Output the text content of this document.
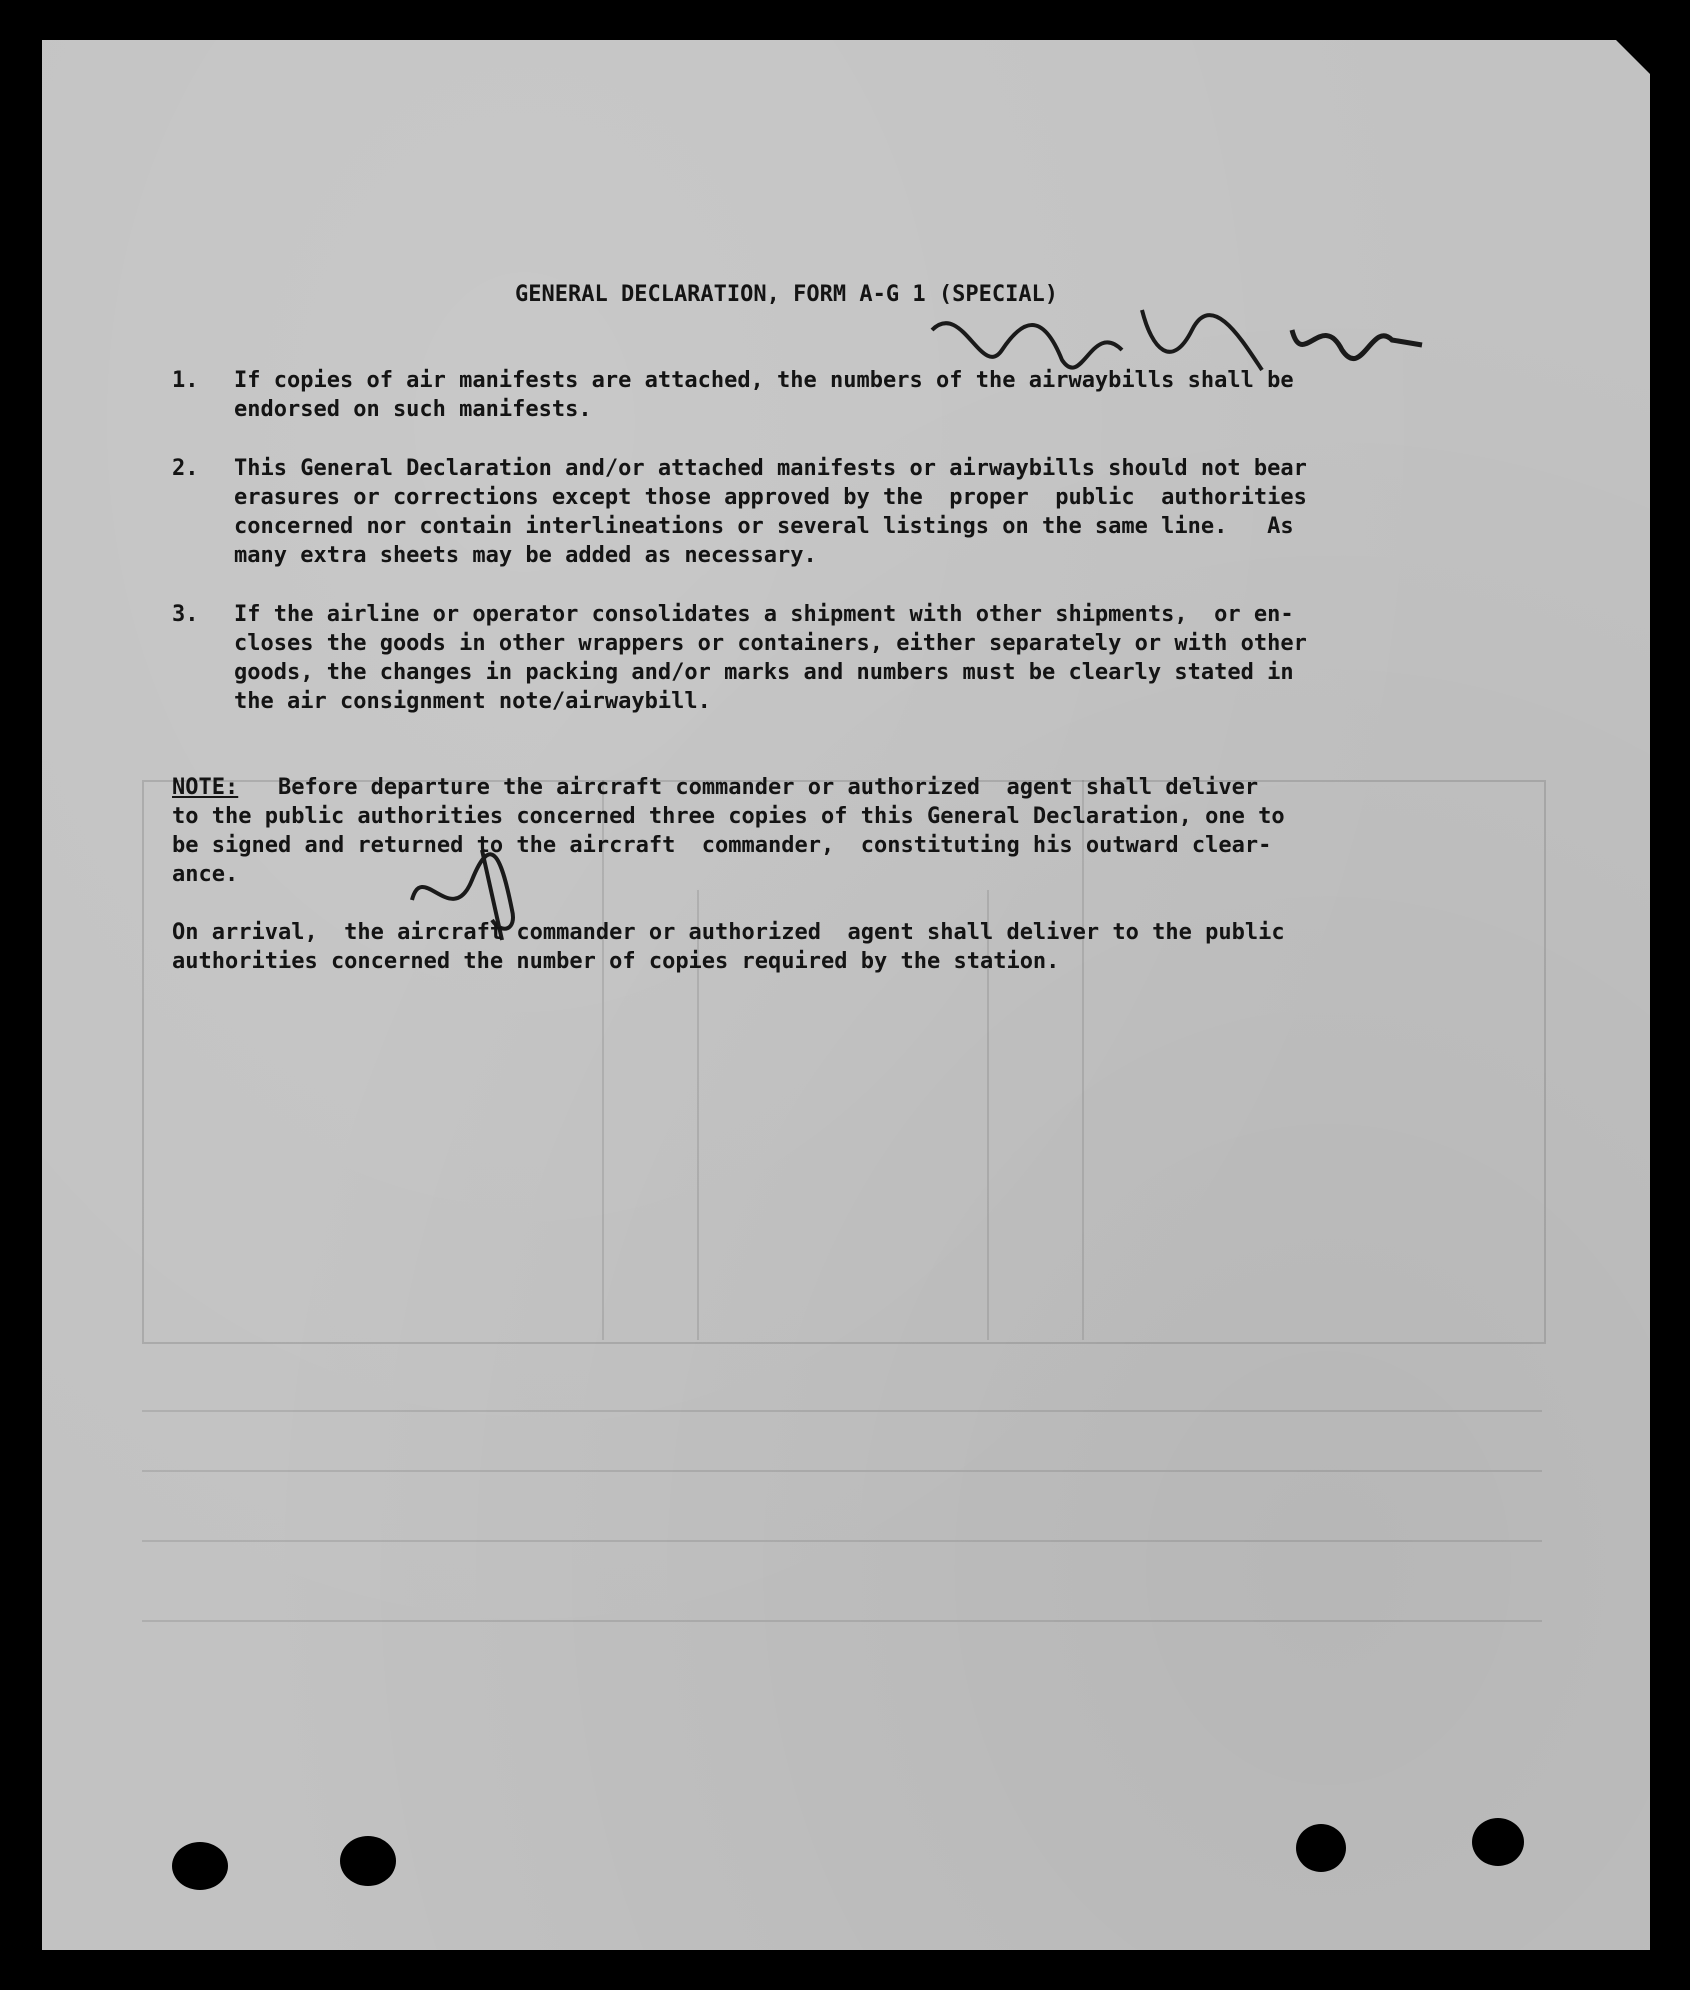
GENERAL DECLARATION, FORM A-G 1 (SPECIAL)
1. If copies of air manifests are attached, the numbers of the airwaybills shall be
endorsed on such manifests.
2. This General Declaration and/or attached manifests or airwaybills should not bear
erasures or corrections except those approved by the  proper  public  authorities
concerned nor contain interlineations or several listings on the same line.   As
many extra sheets may be added as necessary.
3. If the airline or operator consolidates a shipment with other shipments,  or en-
closes the goods in other wrappers or containers, either separately or with other
goods, the changes in packing and/or marks and numbers must be clearly stated in
the air consignment note/airwaybill.
NOTE:   Before departure the aircraft commander or authorized  agent shall deliver
to the public authorities concerned three copies of this General Declaration, one to
be signed and returned to the aircraft  commander,  constituting his outward clear-
ance.
On arrival,  the aircraft commander or authorized  agent shall deliver to the public
authorities concerned the number of copies required by the station.
